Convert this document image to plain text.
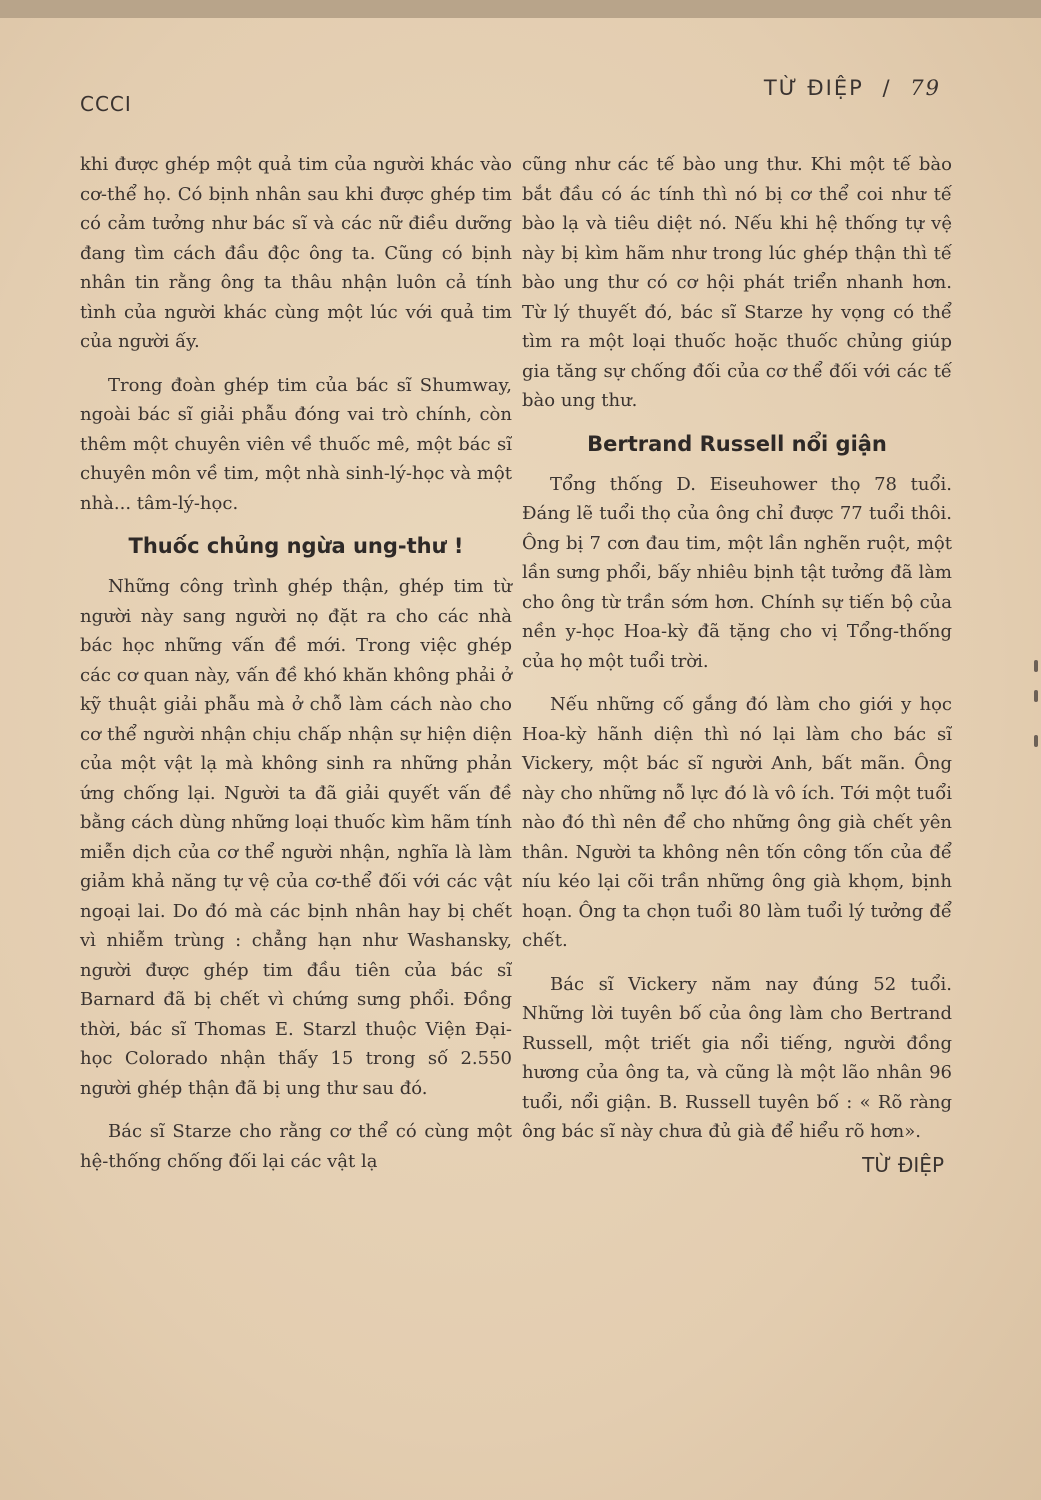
CCCI
TỪ ĐIỆP / 79

khi được ghép một quả tim của người khác vào cơ-thể họ. Có bịnh nhân sau khi được ghép tim có cảm tưởng như bác sĩ và các nữ điều dưỡng đang tìm cách đầu độc ông ta. Cũng có bịnh nhân tin rằng ông ta thâu nhận luôn cả tính tình của người khác cùng một lúc với quả tim của người ấy.

Trong đoàn ghép tim của bác sĩ Shumway, ngoài bác sĩ giải phẫu đóng vai trò chính, còn thêm một chuyên viên về thuốc mê, một bác sĩ chuyên môn về tim, một nhà sinh-lý-học và một nhà... tâm-lý-học.

Thuốc chủng ngừa ung-thư !

Những công trình ghép thận, ghép tim từ người này sang người nọ đặt ra cho các nhà bác học những vấn đề mới. Trong việc ghép các cơ quan này, vấn đề khó khăn không phải ở kỹ thuật giải phẫu mà ở chỗ làm cách nào cho cơ thể người nhận chịu chấp nhận sự hiện diện của một vật lạ mà không sinh ra những phản ứng chống lại. Người ta đã giải quyết vấn đề bằng cách dùng những loại thuốc kìm hãm tính miễn dịch của cơ thể người nhận, nghĩa là làm giảm khả năng tự vệ của cơ-thể đối với các vật ngoại lai. Do đó mà các bịnh nhân hay bị chết vì nhiễm trùng : chẳng hạn như Washansky, người được ghép tim đầu tiên của bác sĩ Barnard đã bị chết vì chứng sưng phổi. Đồng thời, bác sĩ Thomas E. Starzl thuộc Viện Đại-học Colorado nhận thấy 15 trong số 2.550 người ghép thận đã bị ung thư sau đó.

Bác sĩ Starze cho rằng cơ thể có cùng một hệ-thống chống đối lại các vật lạ

cũng như các tế bào ung thư. Khi một tế bào bắt đầu có ác tính thì nó bị cơ thể coi như tế bào lạ và tiêu diệt nó. Nếu khi hệ thống tự vệ này bị kìm hãm như trong lúc ghép thận thì tế bào ung thư có cơ hội phát triển nhanh hơn. Từ lý thuyết đó, bác sĩ Starze hy vọng có thể tìm ra một loại thuốc hoặc thuốc chủng giúp gia tăng sự chống đối của cơ thể đối với các tế bào ung thư.

Bertrand Russell nổi giận

Tổng thống D. Eiseuhower thọ 78 tuổi. Đáng lẽ tuổi thọ của ông chỉ được 77 tuổi thôi. Ông bị 7 cơn đau tim, một lần nghẽn ruột, một lần sưng phổi, bấy nhiêu bịnh tật tưởng đã làm cho ông từ trần sớm hơn. Chính sự tiến bộ của nền y-học Hoa-kỳ đã tặng cho vị Tổng-thống của họ một tuổi trời.

Nếu những cố gắng đó làm cho giới y học Hoa-kỳ hãnh diện thì nó lại làm cho bác sĩ Vickery, một bác sĩ người Anh, bất mãn. Ông này cho những nỗ lực đó là vô ích. Tới một tuổi nào đó thì nên để cho những ông già chết yên thân. Người ta không nên tốn công tốn của để níu kéo lại cõi trần những ông già khọm, bịnh hoạn. Ông ta chọn tuổi 80 làm tuổi lý tưởng để chết.

Bác sĩ Vickery năm nay đúng 52 tuổi. Những lời tuyên bố của ông làm cho Bertrand Russell, một triết gia nổi tiếng, người đồng hương của ông ta, và cũng là một lão nhân 96 tuổi, nổi giận. B. Russell tuyên bố : « Rõ ràng ông bác sĩ này chưa đủ già để hiểu rõ hơn».

TỪ ĐIỆP
